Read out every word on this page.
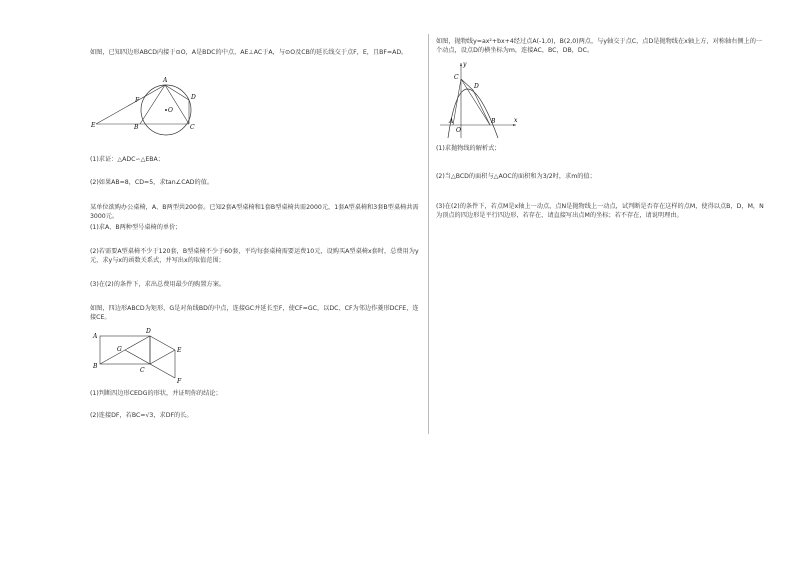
如图，已知四边形ABCD内接于⊙O，A是BDC的中点，AE⊥AC于A，与⊙O及CB的延长线交于点F，E，且BF=AD。
E
F
A
B	C
D
O
(1)求证：△ADC∽△EBA；
(2)如果AB=8，CD=5，求tan∠CAD的值。
某单位欲购办公桌椅，A、B两型共200套。已知2套A型桌椅和1套B型桌椅共需2000元，1套A型桌椅和3套B型桌椅共需3000元。
(1)求A、B两种型号桌椅的单价；
(2)若需要A型桌椅不少于120套，B型桌椅不少于60套，平均每套桌椅需要运费10元，设购买A型桌椅x套时，总费用为y元，求y与x的函数关系式，并写出x的取值范围；
(3)在(2)的条件下，求出总费用最少的购置方案。
如图，四边形ABCD为矩形，G是对角线BD的中点，连接GC并延长至F，使CF=GC，以DC、CF为邻边作菱形DCFE，连接CE。
A
B
C
D
E
F
G
(1)判断四边形CEDG的形状，并证明你的结论；
(2)连接DF，若BC=√3，求DF的长。
如图，抛物线y=ax²+bx+4经过点A(-1,0)，B(2,0)两点，与y轴交于点C，点D是抛物线在x轴上方，对称轴右侧上的一个动点，设点D的横坐标为m，连接AC，BC，DB，DC。
y
x
C
D
A
O
B
(1)求抛物线的解析式；
(2)当△BCD的面积与△AOC的面积和为3/2时，求m的值；
(3)在(2)的条件下，若点M是x轴上一动点，点N是抛物线上一动点，试判断是否存在这样的点M，使得以点B，D，M，N为顶点的四边形是平行四边形，若存在，请直接写出点M的坐标；若不存在，请说明理由。
